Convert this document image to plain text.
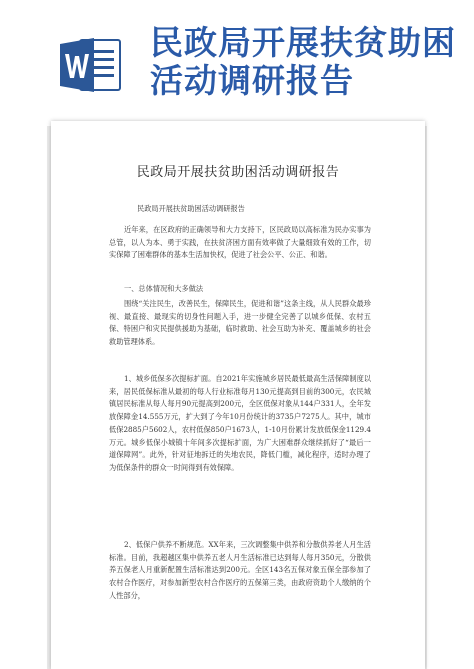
民政局开展扶贫助困活动调研报告
民政局开展扶贫助困活动调研报告
民政局开展扶贫助困活动调研报告

近年来，在区政府的正确领导和大力支持下，区民政局以高标准为民办实事为总管，以人为本、勇于实践，在扶贫济困方面有效率做了大量细致有效的工作，切实保障了困难群体的基本生活加快权，促进了社会公平、公正、和谐。

一、总体情况和大多做法

围绕“关注民生，改善民生，保障民生，促进和谐”这条主线，从人民群众最珍视、最直接、最现实的切身性问题入手，进一步健全完善了以城乡低保、农村五保、特困户和灾民提供援助为基础，临时救助、社会互助为补充、覆盖城乡的社会救助管理体系。

1、城乡低保多次提标扩面。自2021年实施城乡居民最低最高生活保障制度以来，居民低保标准从最初的每人行业标准每月130元提高到目前的300元，农民城镇居民标准从每人每月90元提高到200元，全区低保对象从144户331人，全年发放保障金14.555万元，扩大到了今年10月份统计的3735户7275人。其中，城市低保2885户5602人，农村低保850户1673人，1-10月份累计发放低保金1129.4万元。城乡低保小城镇十年间多次提标扩面，为广大困难群众继续抓好了“最后一道保障网”。此外，针对征地拆迁的失地农民，降低门槛，减化程序，适时办理了为低保条件的群众一时间得到有效保障。

2、低保户供养不断规范。XX年来，三次调整集中供养和分散供养老人月生活标准。目前，我超越区集中供养五老人月生活标准已达到每人每月350元，分散供养五保老人月重新配置生活标准达到200元。全区143名五保对象五保全部参加了农村合作医疗，对参加新型农村合作医疗的五保第三类，由政府资助个人缴纳的个人性部分，
